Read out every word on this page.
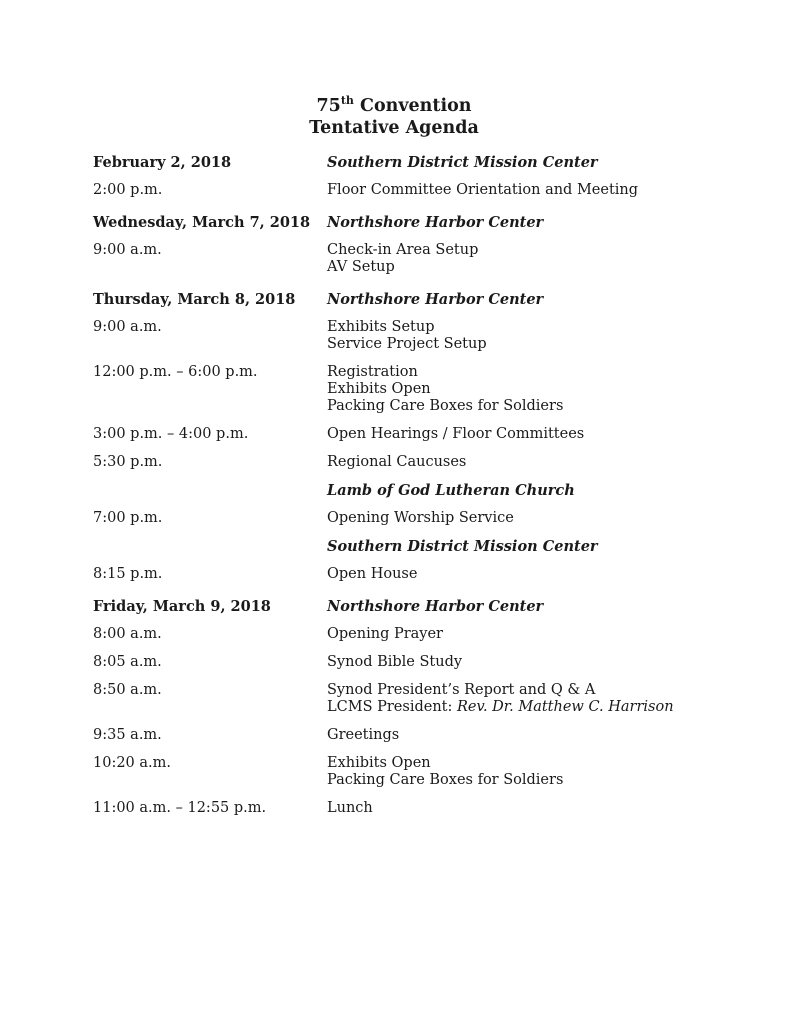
75th Convention
Tentative Agenda
February 2, 2018	Southern District Mission Center
2:00 p.m.	Floor Committee Orientation and Meeting
Wednesday, March 7, 2018	Northshore Harbor Center
9:00 a.m.	Check-in Area Setup
AV Setup
Thursday, March 8, 2018	Northshore Harbor Center
9:00 a.m.	Exhibits Setup
Service Project Setup
12:00 p.m. – 6:00 p.m.	Registration
Exhibits Open
Packing Care Boxes for Soldiers
3:00 p.m. – 4:00 p.m.	Open Hearings / Floor Committees
5:30 p.m.	Regional Caucuses
Lamb of God Lutheran Church
7:00 p.m.	Opening Worship Service
Southern District Mission Center
8:15 p.m.	Open House
Friday, March 9, 2018	Northshore Harbor Center
8:00 a.m.	Opening Prayer
8:05 a.m.	Synod Bible Study
8:50 a.m.	Synod President’s Report and Q & A
LCMS President: Rev. Dr. Matthew C. Harrison
9:35 a.m.	Greetings
10:20 a.m.	Exhibits Open
Packing Care Boxes for Soldiers
11:00 a.m. – 12:55 p.m.	Lunch
